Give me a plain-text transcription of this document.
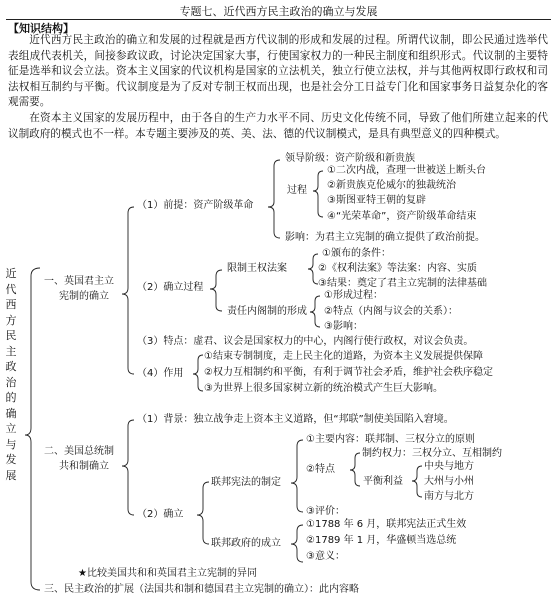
专题七、近代西方民主政治的确立与发展
【知识结构】
近代西方民主政治的确立和发展的过程就是西方代议制的形成和发展的过程。所谓代议制，即公民通过选举代表组成代表机关，间接参政议政，讨论决定国家大事，行使国家权力的一种民主制度和组织形式。代议制的主要特征是选举和议会立法。资本主义国家的代议机构是国家的立法机关，独立行使立法权，并与其他两权即行政权和司法权相互制约与平衡。代议制度是为了反对专制王权而出现，也是社会分工日益专门化和国家事务日益复杂化的客观需要。
在资本主义国家的发展历程中，由于各自的生产力水平不同、历史文化传统不同，导致了他们所建立起来的代议制政府的模式也不一样。本专题主要涉及的英、美、法、德的代议制模式，是具有典型意义的四种模式。
近代西方民主政治的确立与发展
一、英国君主立
宪制的确立
（1）前提：资产阶级革命
领导阶级：资产阶级和新贵族
过程
①二次内战，查理一世被送上断头台
②新贵族克伦威尔的独裁统治
③斯图亚特王朝的复辟
④“光荣革命”，资产阶级革命结束
影响：为君主立宪制的确立提供了政治前提。
（2）确立过程
限制王权法案
①颁布的条件：
②《权利法案》等法案：内容、实质
③结果：奠定了君主立宪制的法律基础
责任内阁制的形成
①形成过程：
②特点（内阁与议会的关系）：
③影响：
（3）特点：虚君、议会是国家权力的中心，内阁行使行政权，对议会负责。
（4）作用
①结束专制制度，走上民主化的道路，为资本主义发展提供保障
②权力互相制约和平衡，有利于调节社会矛盾，维护社会秩序稳定
③为世界上很多国家树立新的统治模式产生巨大影响。
二、美国总统制
共和制确立
（1）背景：独立战争走上资本主义道路，但“邦联”制使美国陷入窘境。
（2）确立
联邦宪法的制定
①主要内容：联邦制、三权分立的原则
②特点
制约权力：三权分立、互相制约
平衡利益
中央与地方
大州与小州
南方与北方
③评价：
联邦政府的成立
①1788 年 6 月，联邦宪法正式生效
②1789 年 1 月，华盛顿当选总统
③意义：
★比较美国共和和英国君主立宪制的异同
三、民主政治的扩展（法国共和制和德国君主立宪制的确立）：此内容略
